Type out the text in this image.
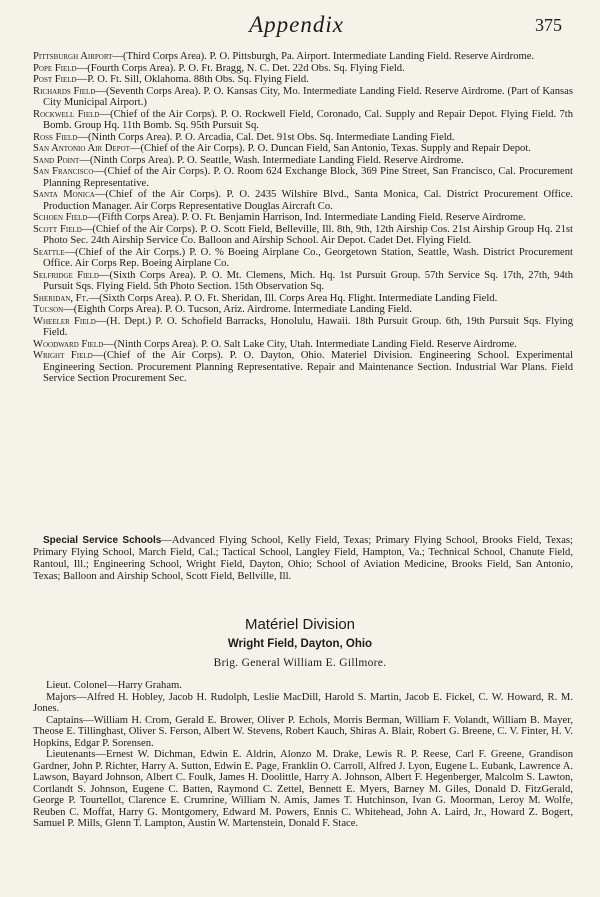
Appendix	375

Pittsburgh Airport—(Third Corps Area). P. O. Pittsburgh, Pa. Airport. Intermediate Landing Field. Reserve Airdrome.

Pope Field—(Fourth Corps Area). P. O. Ft. Bragg, N. C. Det. 22d Obs. Sq. Flying Field.

Post Field—P. O. Ft. Sill, Oklahoma. 88th Obs. Sq. Flying Field.

Richards Field—(Seventh Corps Area). P. O. Kansas City, Mo. Intermediate Landing Field. Reserve Airdrome. (Part of Kansas City Municipal Airport.)

Rockwell Field—(Chief of the Air Corps). P. O. Rockwell Field, Coronado, Cal. Supply and Repair Depot. Flying Field. 7th Bomb. Group Hq. 11th Bomb. Sq. 95th Pursuit Sq.

Ross Field—(Ninth Corps Area). P. O. Arcadia, Cal. Det. 91st Obs. Sq. Intermediate Landing Field.

San Antonio Air Depot—(Chief of the Air Corps). P. O. Duncan Field, San Antonio, Texas. Supply and Repair Depot.

Sand Point—(Ninth Corps Area). P. O. Seattle, Wash. Intermediate Landing Field. Reserve Airdrome.

San Francisco—(Chief of the Air Corps). P. O. Room 624 Exchange Block, 369 Pine Street, San Francisco, Cal. Procurement Planning Representative.

Santa Monica—(Chief of the Air Corps). P. O. 2435 Wilshire Blvd., Santa Monica, Cal. District Procurement Office. Production Manager. Air Corps Representative Douglas Aircraft Co.

Schoen Field—(Fifth Corps Area). P. O. Ft. Benjamin Harrison, Ind. Intermediate Landing Field. Reserve Airdrome.

Scott Field—(Chief of the Air Corps). P. O. Scott Field, Belleville, Ill. 8th, 9th, 12th Airship Cos. 21st Airship Group Hq. 21st Photo Sec. 24th Airship Service Co. Balloon and Airship School. Air Depot. Cadet Det. Flying Field.

Seattle—(Chief of the Air Corps.) P. O. % Boeing Airplane Co., Georgetown Station, Seattle, Wash. District Procurement Office. Air Corps Rep. Boeing Airplane Co.

Selfridge Field—(Sixth Corps Area). P. O. Mt. Clemens, Mich. Hq. 1st Pursuit Group. 57th Service Sq. 17th, 27th, 94th Pursuit Sqs. Flying Field. 5th Photo Section. 15th Observation Sq.

Sheridan, Ft.—(Sixth Corps Area). P. O. Ft. Sheridan, Ill. Corps Area Hq. Flight. Intermediate Landing Field.

Tucson—(Eighth Corps Area). P. O. Tucson, Ariz. Airdrome. Intermediate Landing Field.

Wheeler Field—(H. Dept.) P. O. Schofield Barracks, Honolulu, Hawaii. 18th Pursuit Group. 6th, 19th Pursuit Sqs. Flying Field.

Woodward Field—(Ninth Corps Area). P. O. Salt Lake City, Utah. Intermediate Landing Field. Reserve Airdrome.

Wright Field—(Chief of the Air Corps). P. O. Dayton, Ohio. Materiel Division. Engineering School. Experimental Engineering Section. Procurement Planning Representative. Repair and Maintenance Section. Industrial War Plans. Field Service Section Procurement Sec.

Special Service Schools—Advanced Flying School, Kelly Field, Texas; Primary Flying School, Brooks Field, Texas; Primary Flying School, March Field, Cal.; Tactical School, Langley Field, Hampton, Va.; Technical School, Chanute Field, Rantoul, Ill.; Engineering School, Wright Field, Dayton, Ohio; School of Aviation Medicine, Brooks Field, San Antonio, Texas; Balloon and Airship School, Scott Field, Bellville, Ill.

Matériel Division
Wright Field, Dayton, Ohio
Brig. General William E. Gillmore.

Lieut. Colonel—Harry Graham.

Majors—Alfred H. Hobley, Jacob H. Rudolph, Leslie MacDill, Harold S. Martin, Jacob E. Fickel, C. W. Howard, R. M. Jones.

Captains—William H. Crom, Gerald E. Brower, Oliver P. Echols, Morris Berman, William F. Volandt, William B. Mayer, Theose E. Tillinghast, Oliver S. Ferson, Albert W. Stevens, Robert Kauch, Shiras A. Blair, Robert G. Breene, C. V. Finter, H. V. Hopkins, Edgar P. Sorensen.

Lieutenants—Ernest W. Dichman, Edwin E. Aldrin, Alonzo M. Drake, Lewis R. P. Reese, Carl F. Greene, Grandison Gardner, John P. Richter, Harry A. Sutton, Edwin E. Page, Franklin O. Carroll, Alfred J. Lyon, Eugene L. Eubank, Lawrence A. Lawson, Bayard Johnson, Albert C. Foulk, James H. Doolittle, Harry A. Johnson, Albert F. Hegenberger, Malcolm S. Lawton, Cortlandt S. Johnson, Eugene C. Batten, Raymond C. Zettel, Bennett E. Myers, Barney M. Giles, Donald D. FitzGerald, George P. Tourtellot, Clarence E. Crumrine, William N. Amis, James T. Hutchinson, Ivan G. Moorman, Leroy M. Wolfe, Reuben C. Moffat, Harry G. Montgomery, Edward M. Powers, Ennis C. Whitehead, John A. Laird, Jr., Howard Z. Bogert, Samuel P. Mills, Glenn T. Lampton, Austin W. Martenstein, Donald F. Stace.
